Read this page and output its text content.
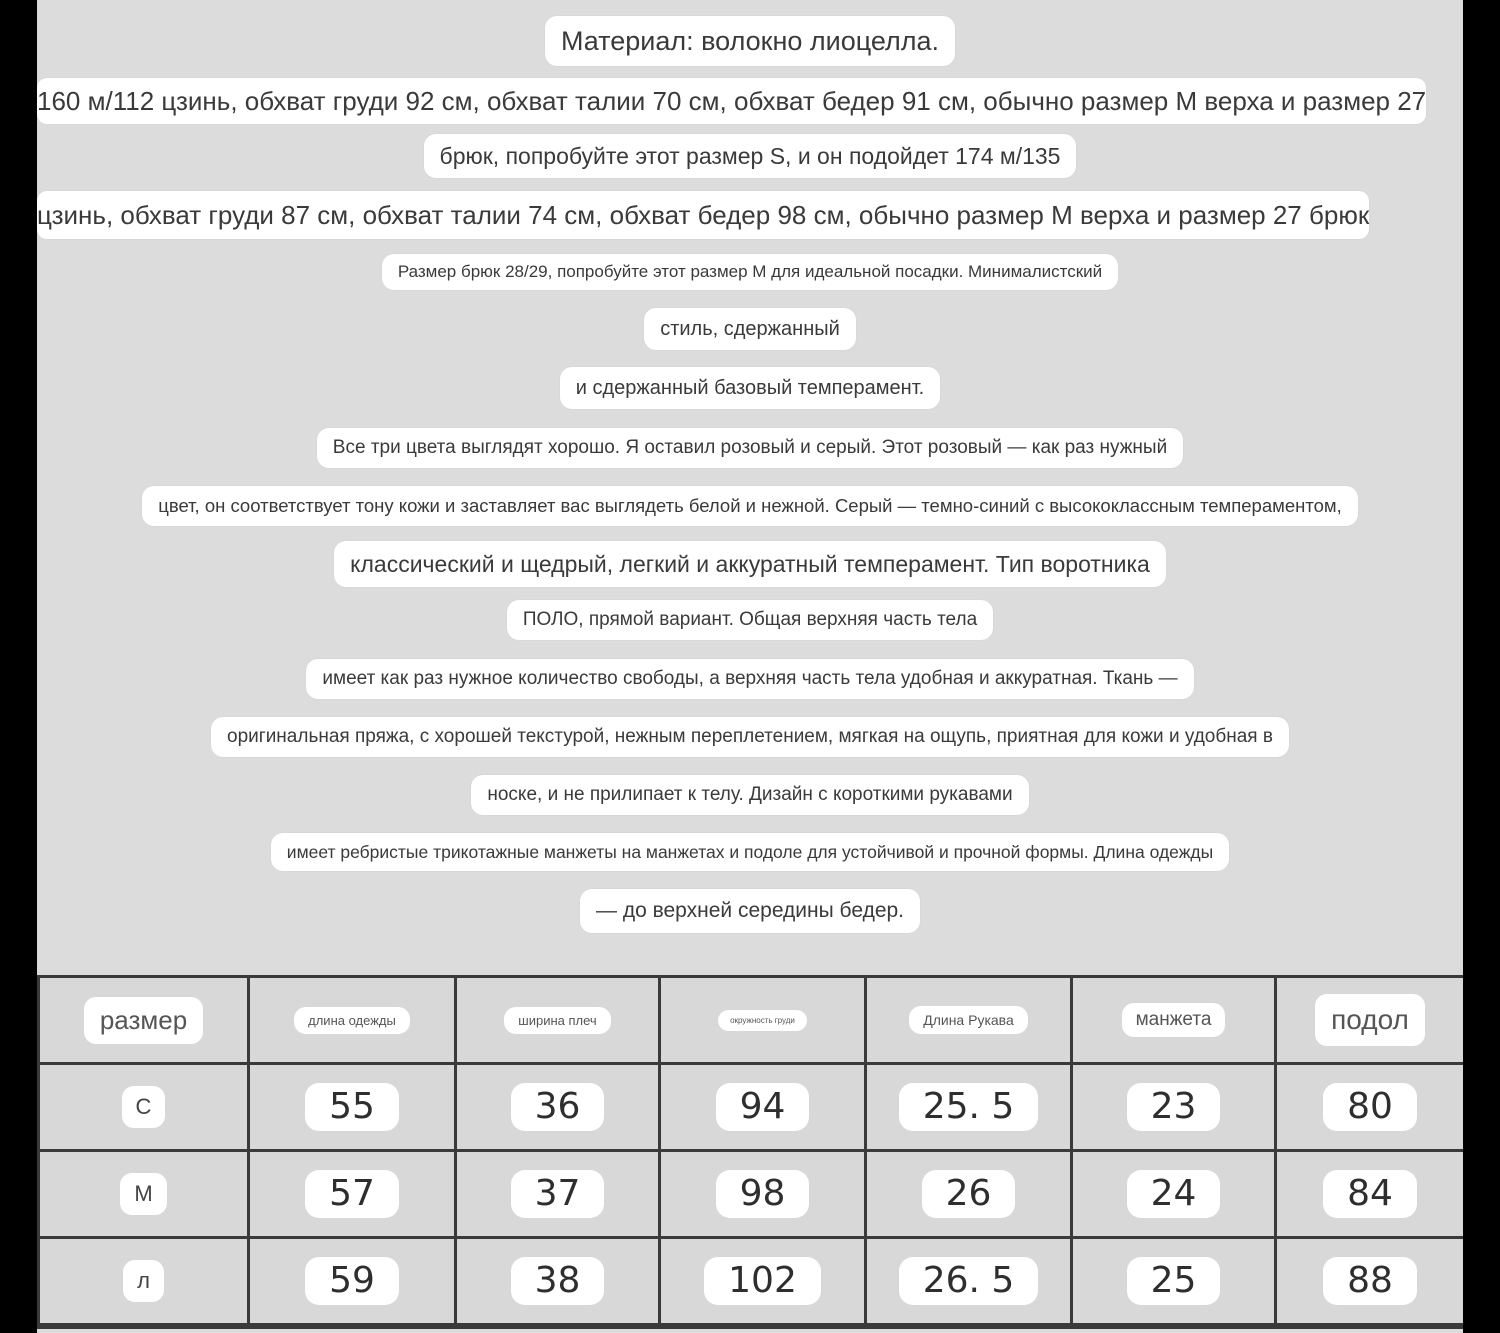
Материал: волокно лиоцелла.
160 м/112 цзинь, обхват груди 92 см, обхват талии 70 см, обхват бедер 91 см, обычно размер М верха и размер 27
брюк, попробуйте этот размер S, и он подойдет 174 м/135
цзинь, обхват груди 87 см, обхват талии 74 см, обхват бедер 98 см, обычно размер М верха и размер 27 брюк
Размер брюк 28/29, попробуйте этот размер М для идеальной посадки. Минималистский
стиль, сдержанный
и сдержанный базовый темперамент.
Все три цвета выглядят хорошо. Я оставил розовый и серый. Этот розовый — как раз нужный
цвет, он соответствует тону кожи и заставляет вас выглядеть белой и нежной. Серый — темно-синий с высококлассным темпераментом,
классический и щедрый, легкий и аккуратный темперамент. Тип воротника
ПОЛО, прямой вариант. Общая верхняя часть тела
имеет как раз нужное количество свободы, а верхняя часть тела удобная и аккуратная. Ткань —
оригинальная пряжа, с хорошей текстурой, нежным переплетением, мягкая на ощупь, приятная для кожи и удобная в
носке, и не прилипает к телу. Дизайн с короткими рукавами
имеет ребристые трикотажные манжеты на манжетах и подоле для устойчивой и прочной формы. Длина одежды
— до верхней середины бедер.
размер	длина одежды	ширина плеч	окружность груди	Длина Рукава	манжета	подол
С	55	36	94	25. 5	23	80
М	57	37	98	26	24	84
л	59	38	102	26. 5	25	88
